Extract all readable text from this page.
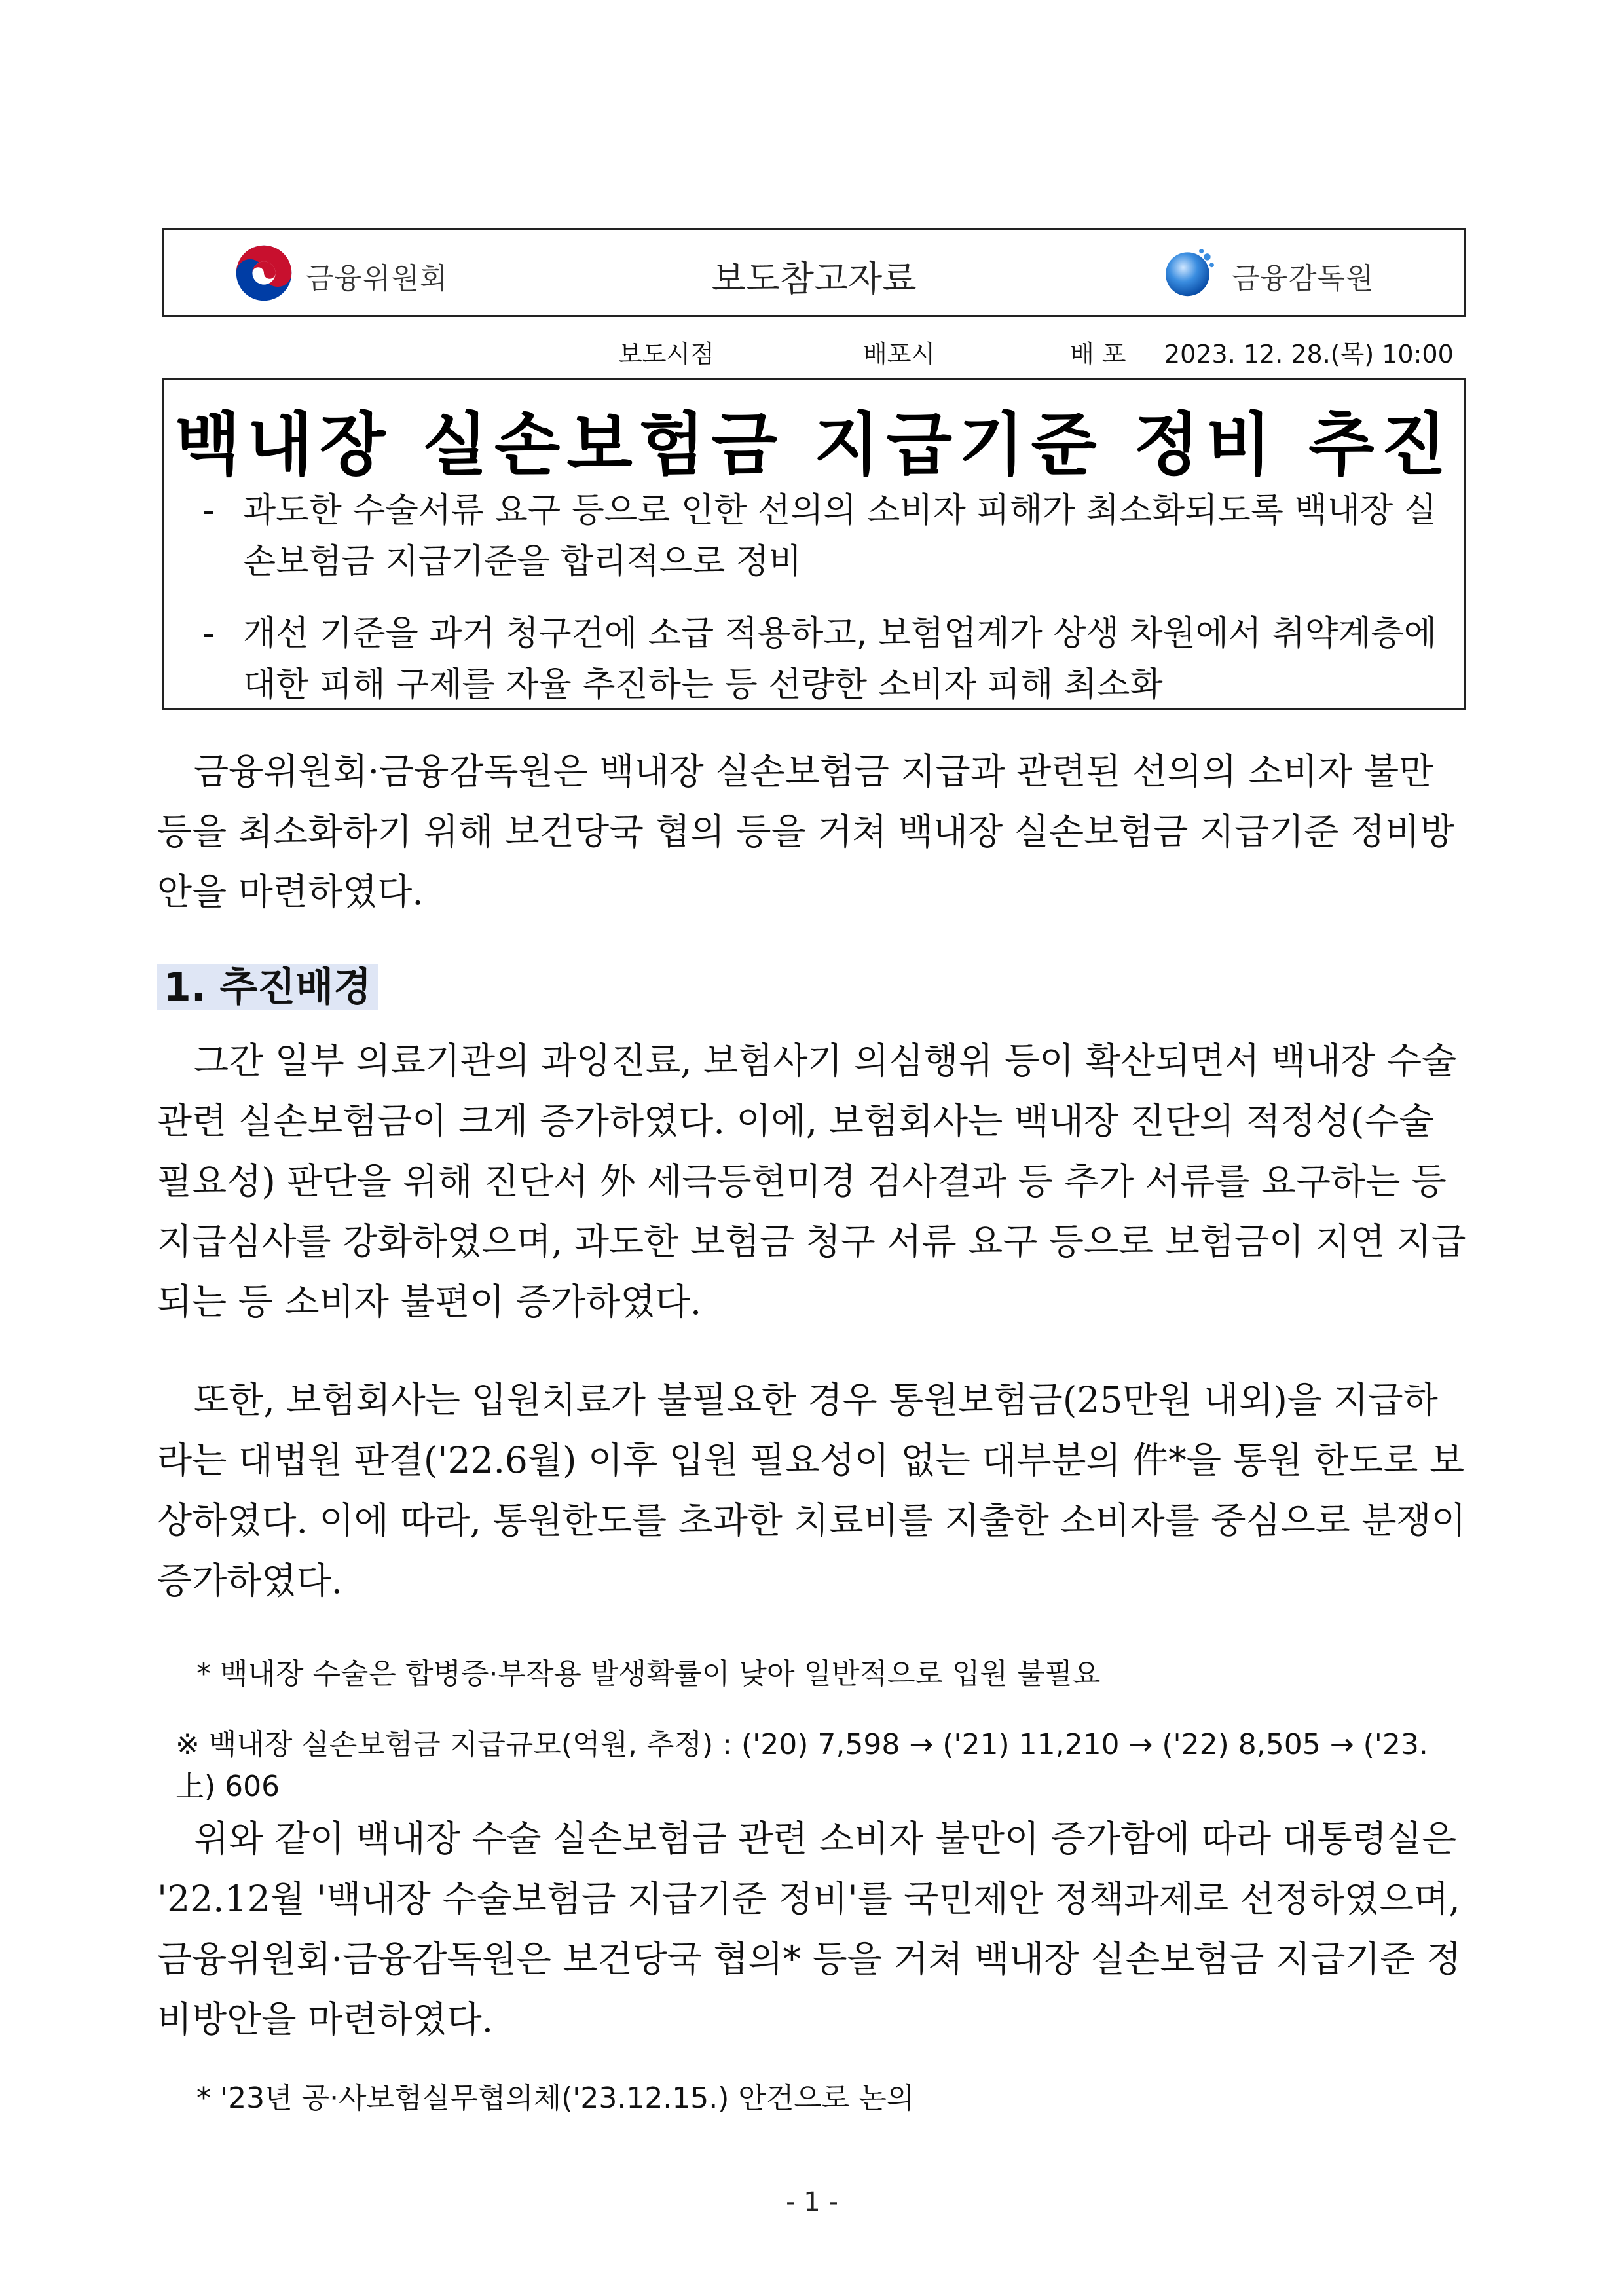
금융위원회	보도참고자료	금융감독원
보도시점	배포시	배 포 2023. 12. 28.(목) 10:00
백내장 실손보험금 지급기준 정비 추진
- 과도한 수술서류 요구 등으로 인한 선의의 소비자 피해가 최소화되도록 백내장 실손보험금 지급기준을 합리적으로 정비
- 개선 기준을 과거 청구건에 소급 적용하고, 보험업계가 상생 차원에서 취약계층에 대한 피해 구제를 자율 추진하는 등 선량한 소비자 피해 최소화
금융위원회·금융감독원은 백내장 실손보험금 지급과 관련된 선의의 소비자 불만 등을 최소화하기 위해 보건당국 협의 등을 거쳐 백내장 실손보험금 지급기준 정비방안을 마련하였다.
1. 추진배경
그간 일부 의료기관의 과잉진료, 보험사기 의심행위 등이 확산되면서 백내장 수술 관련 실손보험금이 크게 증가하였다. 이에, 보험회사는 백내장 진단의 적정성(수술 필요성) 판단을 위해 진단서 外 세극등현미경 검사결과 등 추가 서류를 요구하는 등 지급심사를 강화하였으며, 과도한 보험금 청구 서류 요구 등으로 보험금이 지연 지급되는 등 소비자 불편이 증가하였다.
또한, 보험회사는 입원치료가 불필요한 경우 통원보험금(25만원 내외)을 지급하라는 대법원 판결('22.6월) 이후 입원 필요성이 없는 대부분의 件*을 통원 한도로 보상하였다. 이에 따라, 통원한도를 초과한 치료비를 지출한 소비자를 중심으로 분쟁이 증가하였다.
* 백내장 수술은 합병증·부작용 발생확률이 낮아 일반적으로 입원 불필요
※ 백내장 실손보험금 지급규모(억원, 추정) : ('20) 7,598 → ('21) 11,210 → ('22) 8,505 → ('23.上) 606
위와 같이 백내장 수술 실손보험금 관련 소비자 불만이 증가함에 따라 대통령실은 '22.12월 '백내장 수술보험금 지급기준 정비'를 국민제안 정책과제로 선정하였으며, 금융위원회·금융감독원은 보건당국 협의* 등을 거쳐 백내장 실손보험금 지급기준 정비방안을 마련하였다.
* '23년 공·사보험실무협의체('23.12.15.) 안건으로 논의
- 1 -
